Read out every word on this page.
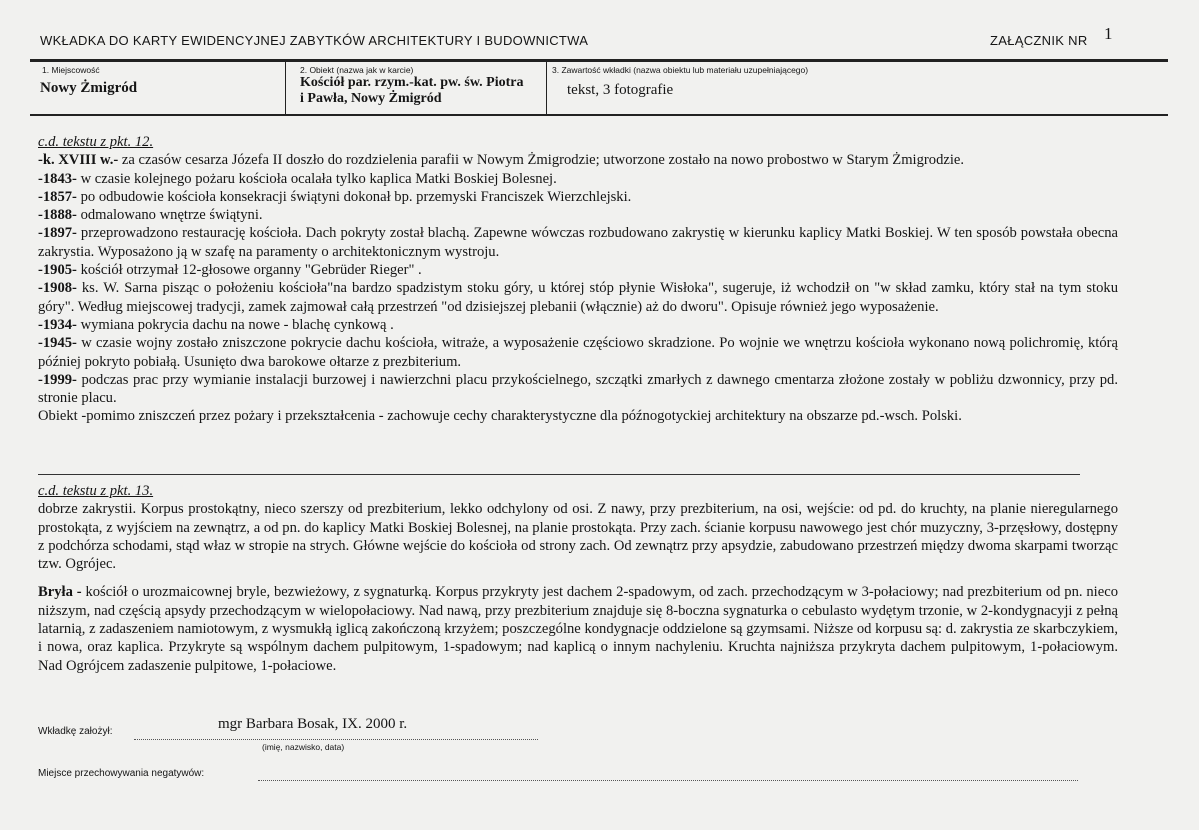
WKŁADKA DO KARTY EWIDENCYJNEJ ZABYTKÓW ARCHITEKTURY I BUDOWNICTWA	ZAŁĄCZNIK NR 1
1. Miejscowość
Nowy Żmigród
2. Obiekt (nazwa jak w karcie)
Kościół par. rzym.-kat. pw. św. Piotra
i Pawła, Nowy Żmigród
3. Zawartość wkładki (nazwa obiektu lub materiału uzupełniającego)
tekst, 3 fotografie

c.d. tekstu z pkt. 12.

-k. XVIII w.- za czasów cesarza Józefa II doszło do rozdzielenia parafii w Nowym Żmigrodzie; utworzone zostało na nowo probostwo w Starym Żmigrodzie.

-1843- w czasie kolejnego pożaru kościoła ocalała tylko kaplica Matki Boskiej Bolesnej.

-1857- po odbudowie kościoła konsekracji świątyni dokonał bp. przemyski Franciszek Wierzchlejski.

-1888- odmalowano wnętrze świątyni.

-1897- przeprowadzono restaurację kościoła. Dach pokryty został blachą. Zapewne wówczas rozbudowano zakrystię w kierunku kaplicy Matki Boskiej. W ten sposób powstała obecna zakrystia. Wyposażono ją w szafę na paramenty o architektonicznym wystroju.

-1905- kościół otrzymał 12-głosowe organny "Gebrüder Rieger" .

-1908- ks. W. Sarna pisząc o położeniu kościoła"na bardzo spadzistym stoku góry, u której stóp płynie Wisłoka", sugeruje, iż wchodził on "w skład zamku, który stał na tym stoku góry". Według miejscowej tradycji, zamek zajmował całą przestrzeń "od dzisiejszej plebanii (włącznie) aż do dworu". Opisuje również jego wyposażenie.

-1934- wymiana pokrycia dachu na nowe - blachę cynkową .

-1945- w czasie wojny zostało zniszczone pokrycie dachu kościoła, witraże, a wyposażenie częściowo skradzione. Po wojnie we wnętrzu kościoła wykonano nową polichromię, którą później pokryto pobiałą. Usunięto dwa barokowe ołtarze z prezbiterium.

-1999- podczas prac przy wymianie instalacji burzowej i nawierzchni placu przykościelnego, szczątki zmarłych z dawnego cmentarza złożone zostały w pobliżu dzwonnicy, przy pd. stronie placu.

Obiekt -pomimo zniszczeń przez pożary i przekształcenia - zachowuje cechy charakterystyczne dla późnogotyckiej architektury na obszarze pd.-wsch. Polski.

c.d. tekstu z pkt. 13.

dobrze zakrystii. Korpus prostokątny, nieco szerszy od prezbiterium, lekko odchylony od osi. Z nawy, przy prezbiterium, na osi, wejście: od pd. do kruchty, na planie nieregularnego prostokąta, z wyjściem na zewnątrz, a od pn. do kaplicy Matki Boskiej Bolesnej, na planie prostokąta. Przy zach. ścianie korpusu nawowego jest chór muzyczny, 3-przęsłowy, dostępny z podchórza schodami, stąd właz w stropie na strych. Główne wejście do kościoła od strony zach. Od zewnątrz przy apsydzie, zabudowano przestrzeń między dwoma skarpami tworząc tzw. Ogrójec.

Bryła - kościół o urozmaicownej bryle, bezwieżowy, z sygnaturką. Korpus przykryty jest dachem 2-spadowym, od zach. przechodzącym w 3-połaciowy; nad prezbiterium od pn. nieco niższym, nad częścią apsydy przechodzącym w wielopołaciowy. Nad nawą, przy prezbiterium znajduje się 8-boczna sygnaturka o cebulasto wydętym trzonie, w 2-kondygnacyji z pełną latarnią, z zadaszeniem namiotowym, z wysmukłą iglicą zakończoną krzyżem; poszczególne kondygnacje oddzielone są gzymsami. Niższe od korpusu są: d. zakrystia ze skarbczykiem, i nowa, oraz kaplica. Przykryte są wspólnym dachem pulpitowym, 1-spadowym; nad kaplicą o innym nachyleniu. Kruchta najniższa przykryta dachem pulpitowym, 1-połaciowym. Nad Ogrójcem zadaszenie pulpitowe, 1-połaciowe.

Wkładkę założył:	mgr Barbara Bosak, IX. 2000 r.
(imię, nazwisko, data)
Miejsce przechowywania negatywów:
